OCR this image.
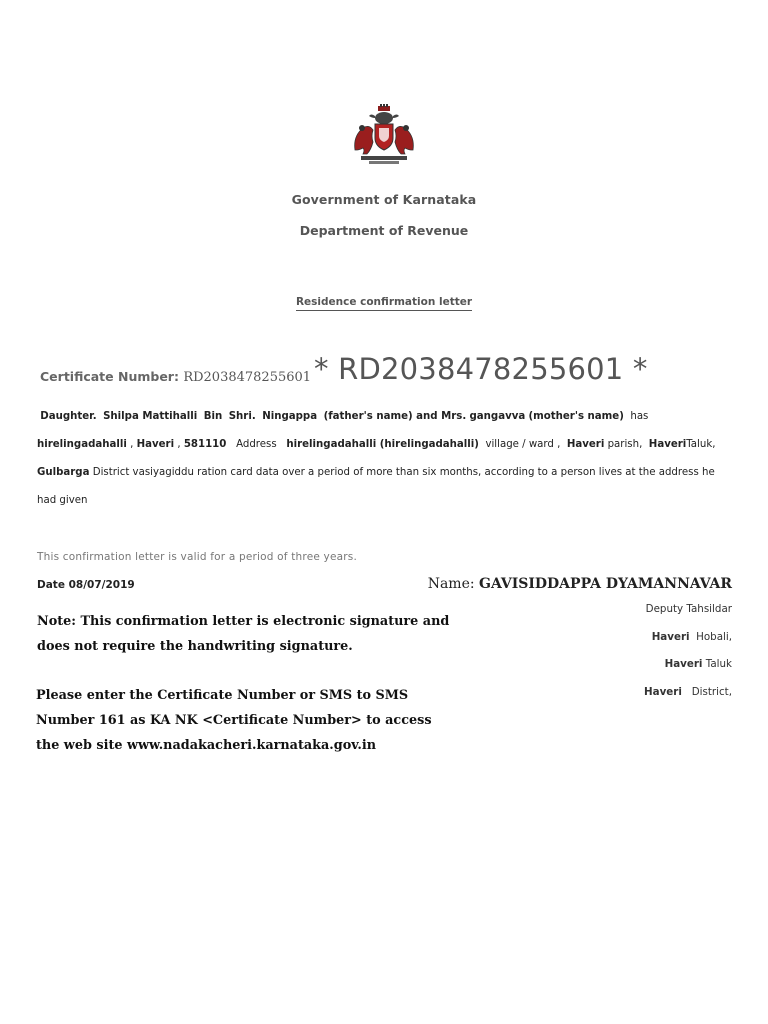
Government of Karnataka
Department of Revenue
Residence confirmation letter
Certificate Number: RD2038478255601 * RD2038478255601 *
Daughter. Shilpa Mattihalli Bin Shri. Ningappa (father's name) and Mrs. gangavva (mother's name) has  hirelingadahalli , Haveri , 581110 Address hirelingadahalli (hirelingadahalli) village / ward , Haveri parish, HaveriTaluk,   Gulbarga District vasiyagiddu ration card data over a period of more than six months, according to a person lives at the address he had given
This confirmation letter is valid for a period of three years.
Date 08/07/2019	Name: GAVISIDDAPPA DYAMANNAVAR
Deputy Tahsildar
Haveri Hobali,
Haveri Taluk
Haveri District,
Note: This confirmation letter is electronic signature and does not require the handwriting signature.
Please enter the Certificate Number or SMS to SMS Number 161 as KA NK <Certificate Number> to access the web site www.nadakacheri.karnataka.gov.in
